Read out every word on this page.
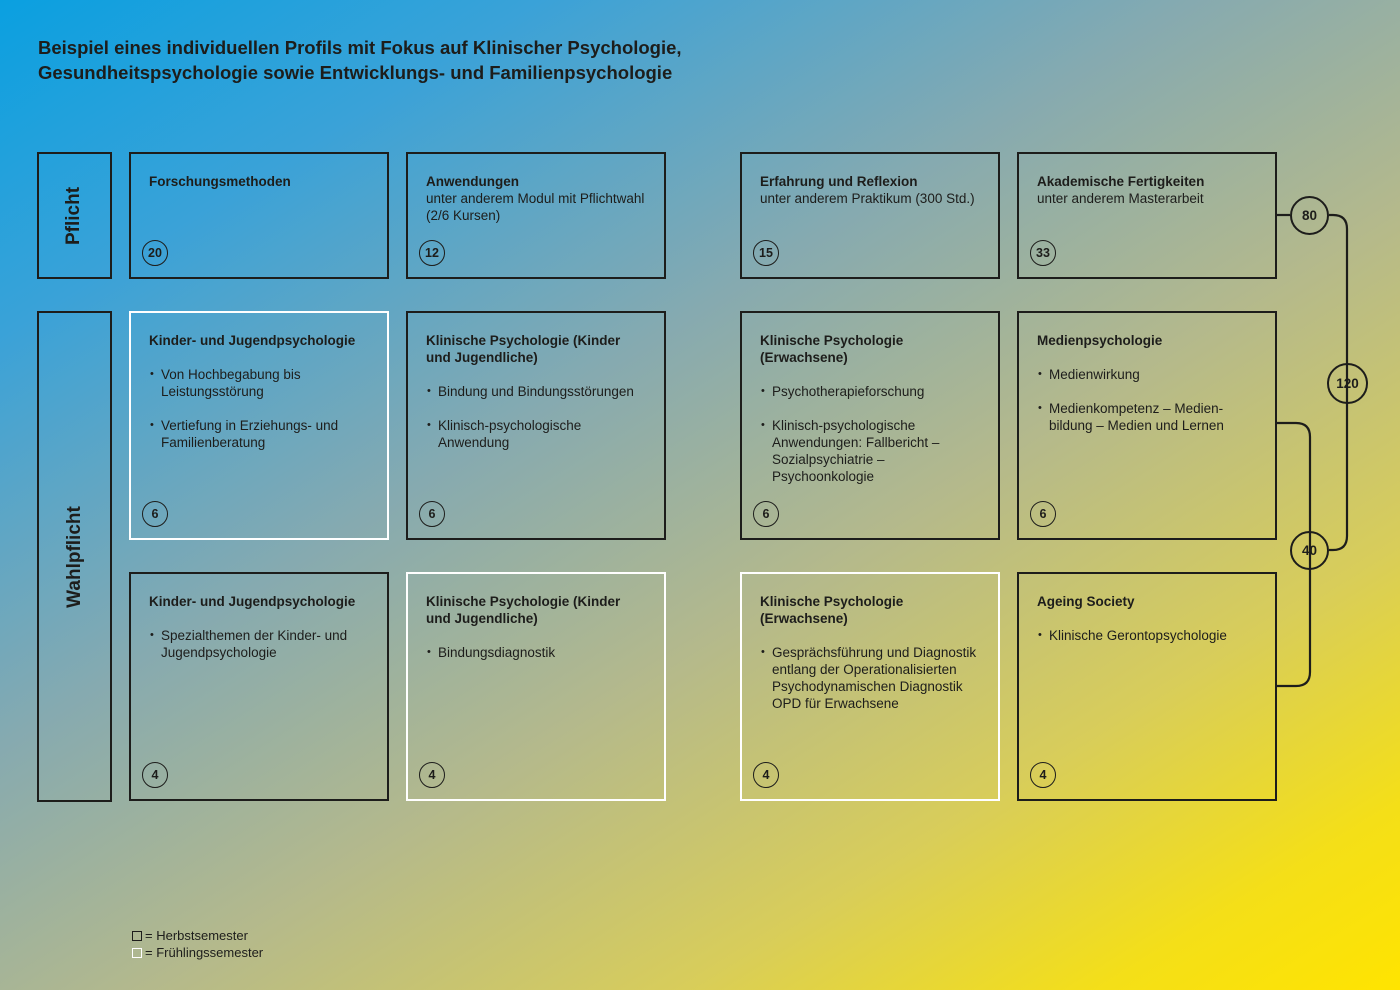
Beispiel eines individuellen Profils mit Fokus auf Klinischer Psychologie, Gesundheitspsychologie sowie Entwicklungs- und Familienpsychologie
Pflicht
Wahlpflicht
Forschungsmethoden
20
Anwendungen
unter anderem Modul mit Pflichtwahl (2/6 Kursen)
12
Erfahrung und Reflexion
unter anderem Praktikum (300 Std.)
15
Akademische Fertigkeiten
unter anderem Masterarbeit
33
Kinder- und Jugendpsychologie
• Von Hochbegabung bis Leistungsstörung
• Vertiefung in Erziehungs- und Familienberatung
6
Klinische Psychologie (Kinder und Jugendliche)
• Bindung und Bindungsstörungen
• Klinisch-psychologische Anwendung
6
Klinische Psychologie (Erwachsene)
• Psychotherapieforschung
• Klinisch-psychologische Anwendungen: Fallbericht – Sozialpsychiatrie – Psychoonkologie
6
Medienpsychologie
• Medienwirkung
• Medienkompetenz – Medienbildung – Medien und Lernen
6
Kinder- und Jugendpsychologie
• Spezialthemen der Kinder- und Jugendpsychologie
4
Klinische Psychologie (Kinder und Jugendliche)
• Bindungsdiagnostik
4
Klinische Psychologie (Erwachsene)
• Gesprächsführung und Diagnostik entlang der Operationalisierten Psychodynamischen Diagnostik OPD für Erwachsene
4
Ageing Society
• Klinische Gerontopsychologie
4
80
120
40
= Herbstsemester
= Frühlingssemester
